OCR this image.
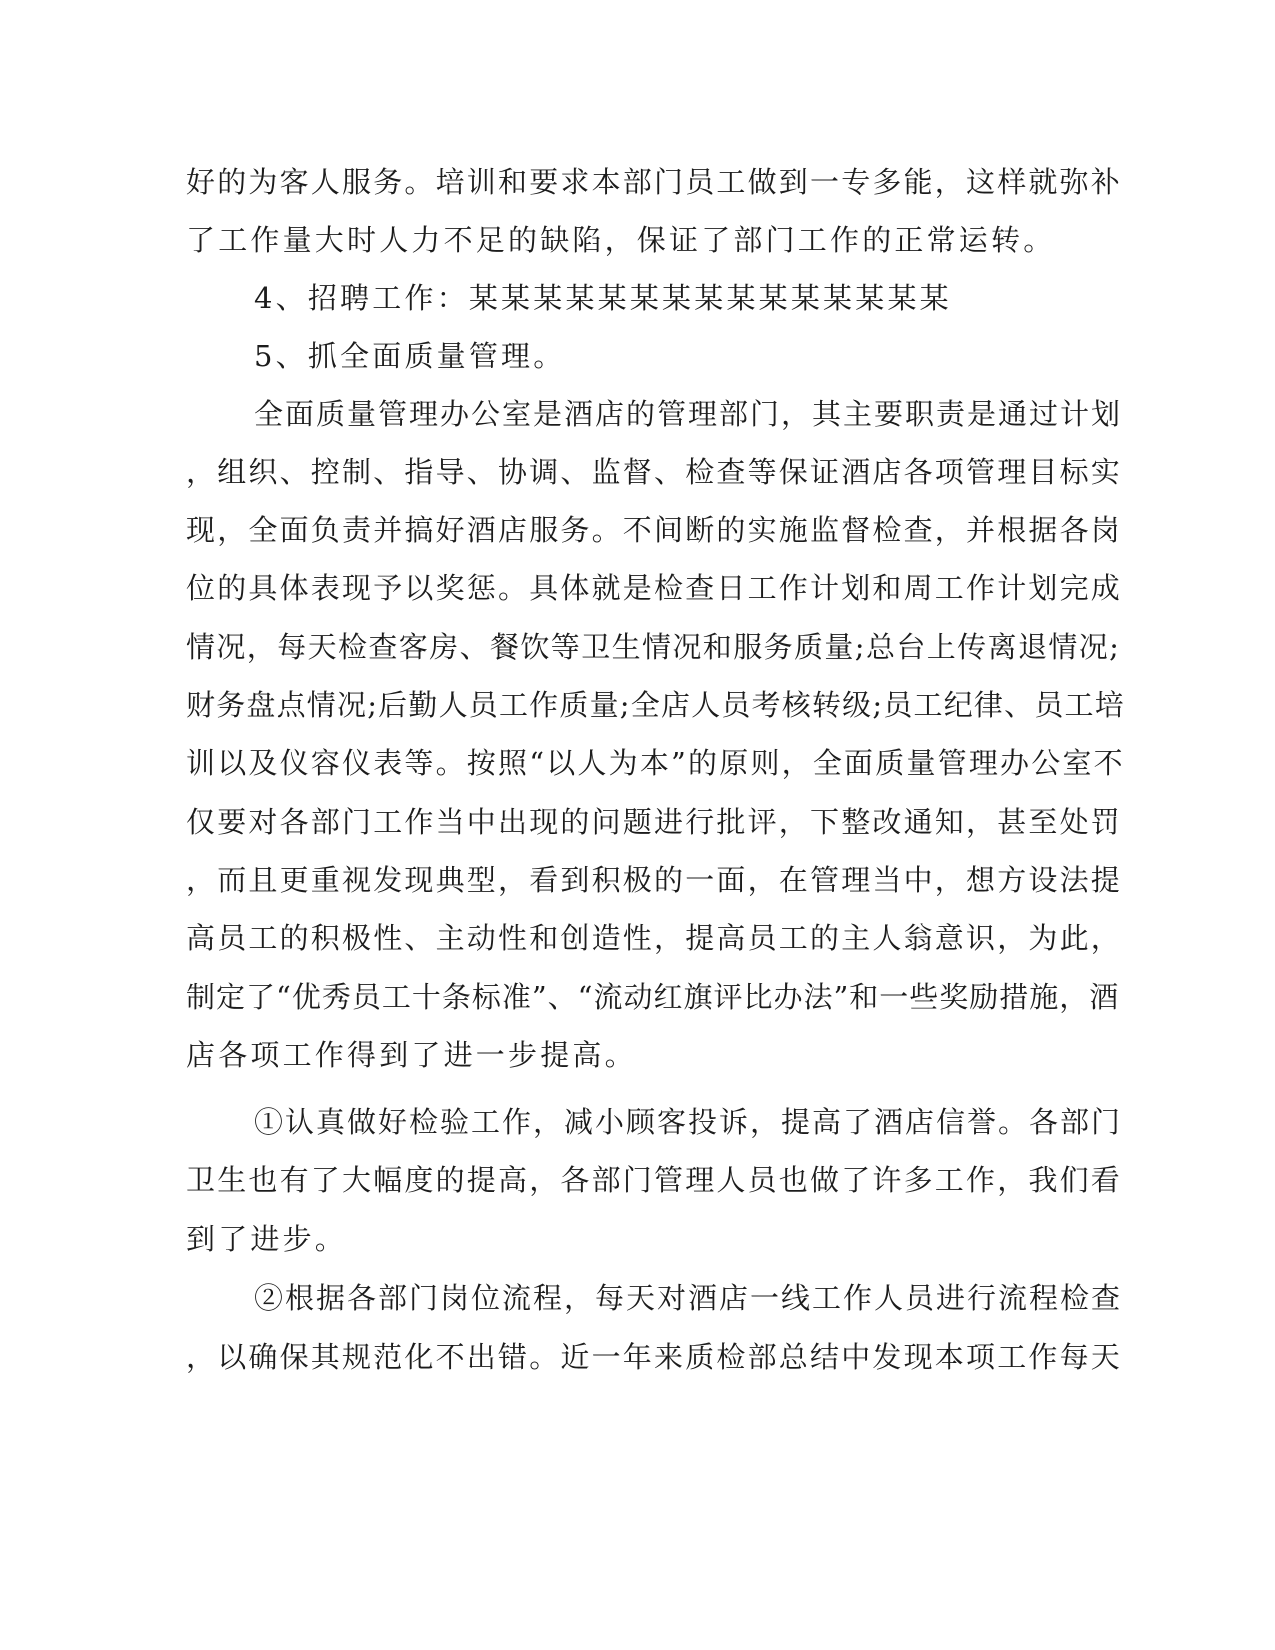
好的为客人服务。培训和要求本部门员工做到一专多能，这样就弥补
了工作量大时人力不足的缺陷，保证了部门工作的正常运转。
4、招聘工作：某某某某某某某某某某某某某某某
5、抓全面质量管理。
全面质量管理办公室是酒店的管理部门，其主要职责是通过计划
，组织、控制、指导、协调、监督、检查等保证酒店各项管理目标实
现，全面负责并搞好酒店服务。不间断的实施监督检查，并根据各岗
位的具体表现予以奖惩。具体就是检查日工作计划和周工作计划完成
情况，每天检查客房、餐饮等卫生情况和服务质量;总台上传离退情况;
财务盘点情况;后勤人员工作质量;全店人员考核转级;员工纪律、员工培
训以及仪容仪表等。按照“以人为本”的原则，全面质量管理办公室不
仅要对各部门工作当中出现的问题进行批评，下整改通知，甚至处罚
，而且更重视发现典型，看到积极的一面，在管理当中，想方设法提
高员工的积极性、主动性和创造性，提高员工的主人翁意识，为此，
制定了“优秀员工十条标准”、“流动红旗评比办法”和一些奖励措施，酒
店各项工作得到了进一步提高。
①认真做好检验工作，减小顾客投诉，提高了酒店信誉。各部门
卫生也有了大幅度的提高，各部门管理人员也做了许多工作，我们看
到了进步。
②根据各部门岗位流程，每天对酒店一线工作人员进行流程检查
，以确保其规范化不出错。近一年来质检部总结中发现本项工作每天
